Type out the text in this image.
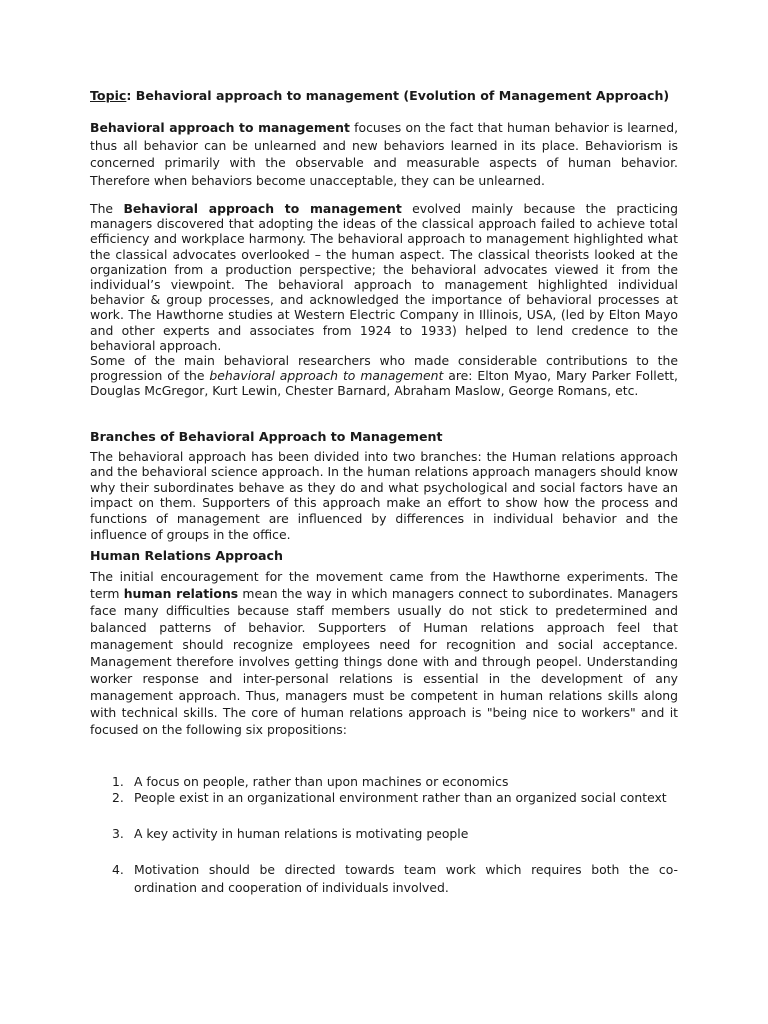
Topic: Behavioral approach to management (Evolution of Management Approach)

Behavioral approach to management focuses on the fact that human behavior is learned, thus all behavior can be unlearned and new behaviors learned in its place. Behaviorism is concerned primarily with the observable and measurable aspects of human behavior. Therefore when behaviors become unacceptable, they can be unlearned.

The Behavioral approach to management evolved mainly because the practicing managers discovered that adopting the ideas of the classical approach failed to achieve total efficiency and workplace harmony. The behavioral approach to management highlighted what the classical advocates overlooked – the human aspect. The classical theorists looked at the organization from a production perspective; the behavioral advocates viewed it from the individual’s viewpoint. The behavioral approach to management highlighted individual behavior & group processes, and acknowledged the importance of behavioral processes at work. The Hawthorne studies at Western Electric Company in Illinois, USA, (led by Elton Mayo and other experts and associates from 1924 to 1933) helped to lend credence to the behavioral approach.

Some of the main behavioral researchers who made considerable contributions to the progression of the behavioral approach to management are: Elton Myao, Mary Parker Follett, Douglas McGregor, Kurt Lewin, Chester Barnard, Abraham Maslow, George Romans, etc.

Branches of Behavioral Approach to Management

The behavioral approach has been divided into two branches: the Human relations approach and the behavioral science approach. In the human relations approach managers should know why their subordinates behave as they do and what psychological and social factors have an impact on them. Supporters of this approach make an effort to show how the process and functions of management are influenced by differences in individual behavior and the influence of groups in the office.

Human Relations Approach

The initial encouragement for the movement came from the Hawthorne experiments. The term human relations mean the way in which managers connect to subordinates. Managers face many difficulties because staff members usually do not stick to predetermined and balanced patterns of behavior. Supporters of Human relations approach feel that management should recognize employees need for recognition and social acceptance. Management therefore involves getting things done with and through peopel. Understanding worker response and inter-personal relations is essential in the development of any management approach. Thus, managers must be competent in human relations skills along with technical skills. The core of human relations approach is "being nice to workers" and it focused on the following six propositions:

1. A focus on people, rather than upon machines or economics
2. People exist in an organizational environment rather than an organized social context
3. A key activity in human relations is motivating people
4. Motivation should be directed towards team work which requires both the co-ordination and cooperation of individuals involved.
